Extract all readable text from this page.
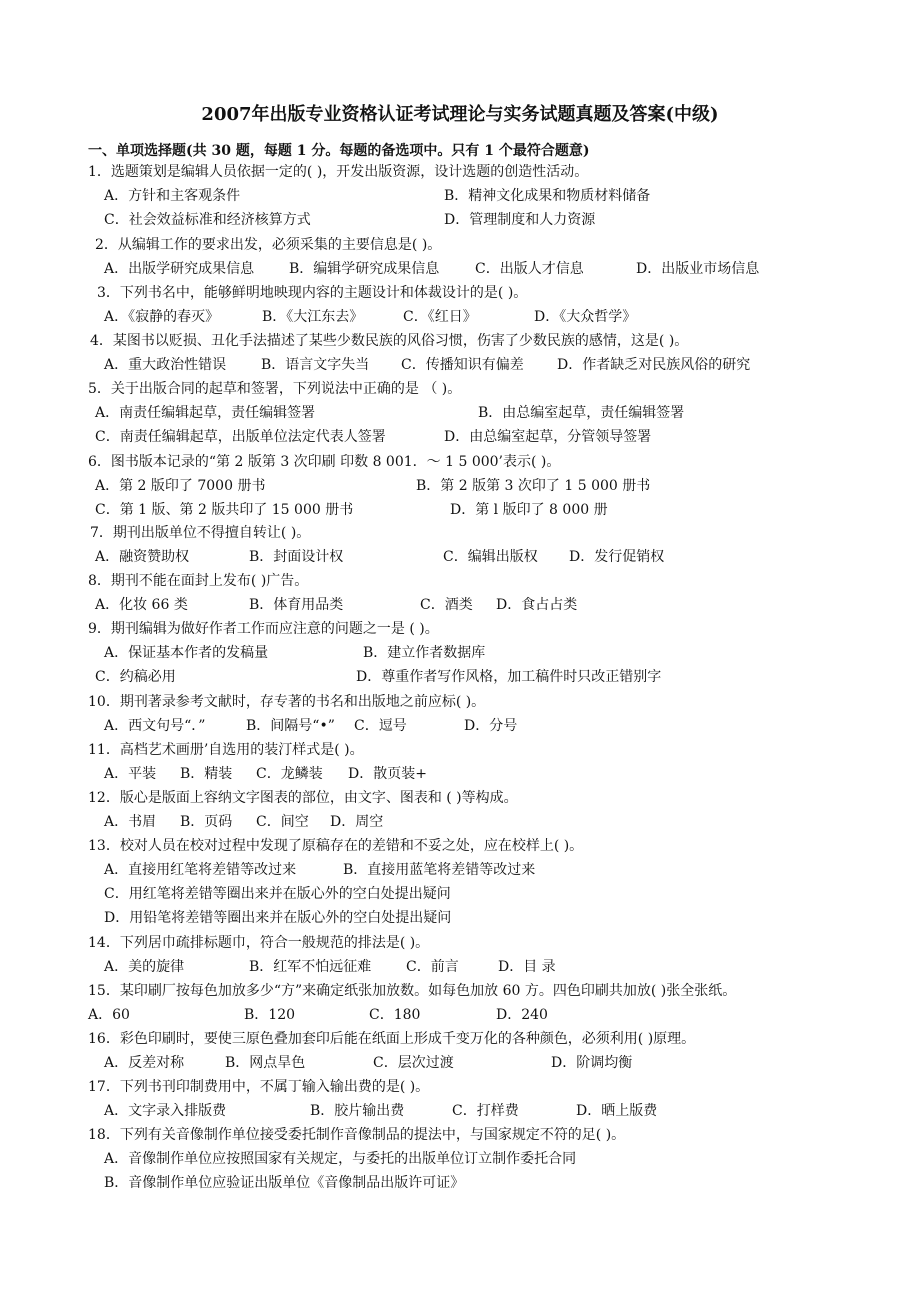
2007年出版专业资格认证考试理论与实务试题真题及答案(中级)
一、单项选择题(共 30 题，每题 1 分。每题的备选项中。只有 1 个最符合题意)
1．选题策划是编辑人员依据一定的( )，开发出版资源，设计选题的创造性活动。
A．方针和主客观条件	B．精神文化成果和物质材料储备
C．社会效益标准和经济核算方式	D．管理制度和人力资源
2．从编辑工作的要求出发，必须采集的主要信息是( )。
A．出版学研究成果信息 B．编辑学研究成果信息	C．出版人才信息	D．出版业市场信息
3．下列书名中，能够鲜明地映现内容的主题设计和体裁设计的是( )。
A．《寂静的春灭》	B．《大江东去》	C．《红日》	D．《大众哲学》
4．某图书以贬损、丑化手法描述了某些少数民族的风俗习惯，伤害了少数民族的感情，这是( )。
A．重大政治性错误 B．语言文字失当 C．传播知识有偏差 D．作者缺乏对民族风俗的研究
5．关于出版合同的起草和签署，下列说法中正确的是 （ )。
A．南责任编辑起草，责任编辑签署	B．由总编室起草，责任编辑签署
C．南责任编辑起草，出版单位法定代表人签署	D．由总编室起草，分管领导签署
6．图书版本记录的“第 2 版第 3 次印刷 印数 8 001．～ 1 5 000’表示( )。
A．第 2 版印了 7000 册书	B．第 2 版第 3 次印了 1 5 000 册书
C．第 1 版、第 2 版共印了 15 000 册书	D．第 l 版印了 8 000 册
7．期刊出版单位不得擅自转让( )。
A．融资赞助权	B．封面设计权	C．编辑出版权 D．发行促销权
8．期刊不能在面封上发布( )广告。
A．化妆 66 类	B．体育用品类	C．酒类 D．食占占类
9．期刊编辑为做好作者工作而应注意的问题之一是 ( )。
A．保证基本作者的发稿量	B．建立作者数据库
C．约稿必用	D．尊重作者写作风格，加工稿件时只改正错别字
10．期刊著录参考文献时，存专著的书名和出版地之前应标( )。
A．西文句号“．”	B．间隔号“•” C．逗号	D．分号
11．高档艺术画册’自选用的装汀样式是( )。
A．平装 B．精装 C．龙鳞装 D．散页装+
12．版心是版面上容纳文字图表的部位，由文字、图表和 ( )等构成。
A．书眉 B．页码 C．间空 D．周空
13．校对人员在校对过程中发现了原稿存在的差错和不妥之处，应在校样上( )。
A．直接用红笔将差错等改过来	B．直接用蓝笔将差错等改过来
C．用红笔将差错等圈出来并在版心外的空白处提出疑问
D．用铅笔将差错等圈出来并在版心外的空白处提出疑问
14．下列居巾疏排标题巾，符合一般规范的排法是( )。
A．美的旋律	B．红军不怕远征难 C．前言	D．目 录
15．某印刷厂按每色加放多少“方”来确定纸张加放数。如每色加放 60 方。四色印刷共加放( )张全张纸。
A．60	B．120	C．180	D．240
16．彩色印刷时，要使三原色叠加套印后能在纸面上形成千变万化的各种颜色，必须利用( )原理。
A．反差对称	B．网点旱色	C．层次过渡	D．阶调均衡
17．下列书刊印制费用中，不属丁输入输出费的是( )。
A．文字录入排版费	B．胶片输出费	C．打样费	D．晒上版费
18．下列有关音像制作单位接受委托制作音像制品的提法中，与国家规定不符的足( )。
A．音像制作单位应按照国家有关规定，与委托的出版单位订立制作委托合同
B．音像制作单位应验证出版单位《音像制品出版许可证》
